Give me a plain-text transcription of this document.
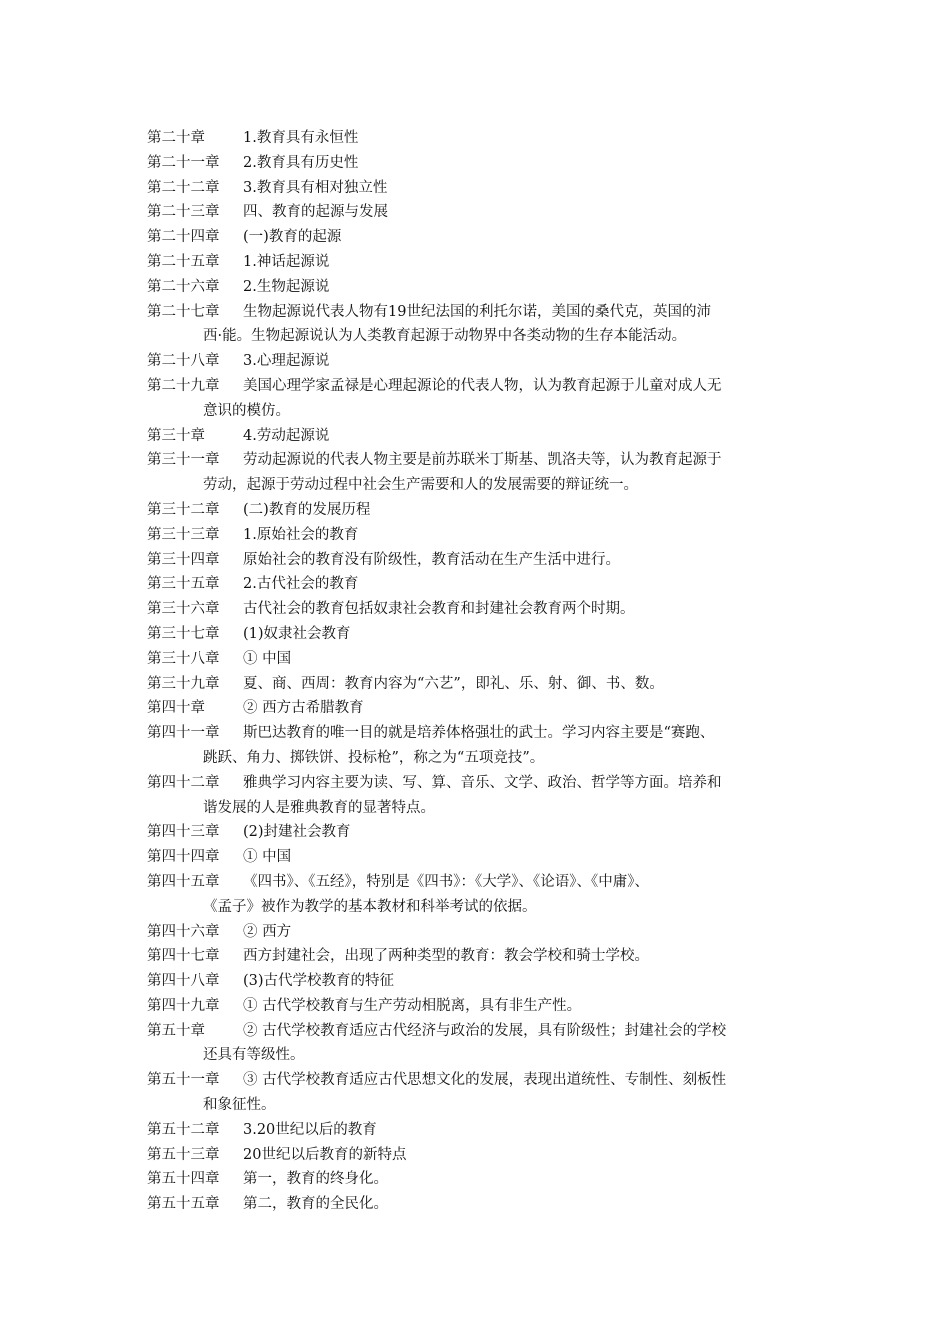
第二十章	1.教育具有永恒性
第二十一章	2.教育具有历史性
第二十二章	3.教育具有相对独立性
第二十三章	四、教育的起源与发展
第二十四章	(一)教育的起源
第二十五章	1.神话起源说
第二十六章	2.生物起源说
第二十七章	生物起源说代表人物有19世纪法国的利托尔诺，美国的桑代克，英国的沛
西·能。生物起源说认为人类教育起源于动物界中各类动物的生存本能活动。
第二十八章	3.心理起源说
第二十九章	美国心理学家孟禄是心理起源论的代表人物，认为教育起源于儿童对成人无
意识的模仿。
第三十章	4.劳动起源说
第三十一章	劳动起源说的代表人物主要是前苏联米丁斯基、凯洛夫等，认为教育起源于
劳动，起源于劳动过程中社会生产需要和人的发展需要的辩证统一。
第三十二章	(二)教育的发展历程
第三十三章	1.原始社会的教育
第三十四章	原始社会的教育没有阶级性，教育活动在生产生活中进行。
第三十五章	2.古代社会的教育
第三十六章	古代社会的教育包括奴隶社会教育和封建社会教育两个时期。
第三十七章	(1)奴隶社会教育
第三十八章	① 中国
第三十九章	夏、商、西周：教育内容为“六艺”，即礼、乐、射、御、书、数。
第四十章	② 西方古希腊教育
第四十一章	斯巴达教育的唯一目的就是培养体格强壮的武士。学习内容主要是“赛跑、
跳跃、角力、掷铁饼、投标枪”，称之为“五项竞技”。
第四十二章	雅典学习内容主要为读、写、算、音乐、文学、政治、哲学等方面。培养和
谐发展的人是雅典教育的显著特点。
第四十三章	(2)封建社会教育
第四十四章	① 中国
第四十五章	《四书》、《五经》，特别是《四书》：《大学》、《论语》、《中庸》、
《孟子》被作为教学的基本教材和科举考试的依据。
第四十六章	② 西方
第四十七章	西方封建社会，出现了两种类型的教育：教会学校和骑士学校。
第四十八章	(3)古代学校教育的特征
第四十九章	① 古代学校教育与生产劳动相脱离，具有非生产性。
第五十章	② 古代学校教育适应古代经济与政治的发展，具有阶级性；封建社会的学校
还具有等级性。
第五十一章	③ 古代学校教育适应古代思想文化的发展，表现出道统性、专制性、刻板性
和象征性。
第五十二章	3.20世纪以后的教育
第五十三章	20世纪以后教育的新特点
第五十四章	第一，教育的终身化。
第五十五章	第二，教育的全民化。
